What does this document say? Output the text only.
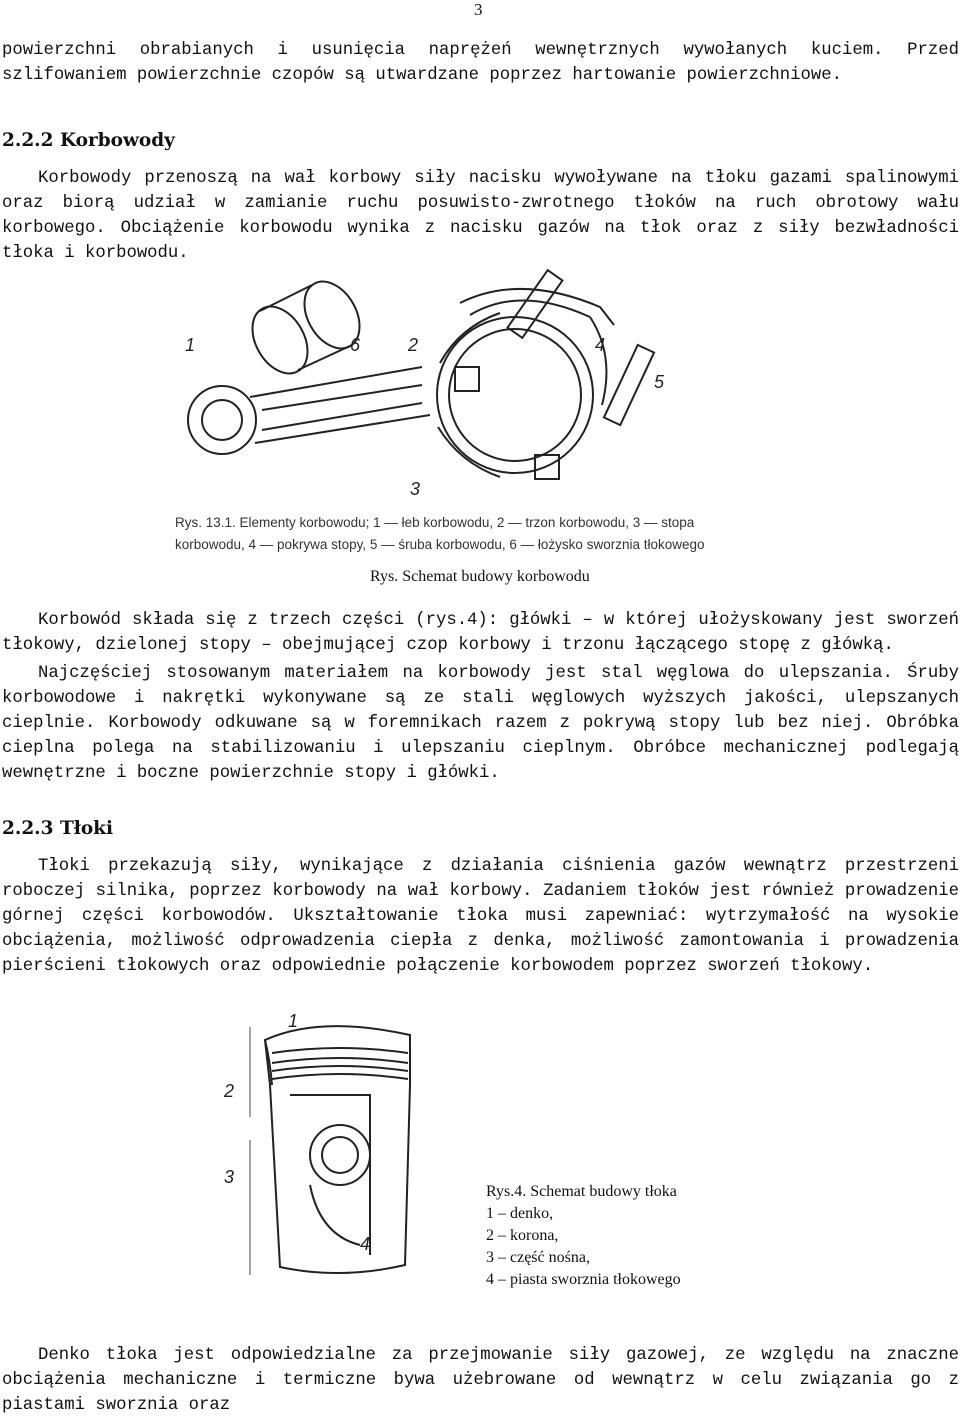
3

powierzchni obrabianych i usunięcia naprężeń wewnętrznych wywołanych kuciem. Przed szlifowaniem powierzchnie czopów są utwardzane poprzez hartowanie powierzchniowe.

2.2.2 Korbowody

Korbowody przenoszą na wał korbowy siły nacisku wywoływane na tłoku gazami spalinowymi oraz biorą udział w zamianie ruchu posuwisto-zwrotnego tłoków na ruch obrotowy wału korbowego. Obciążenie korbowodu wynika z nacisku gazów na tłok oraz z siły bezwładności tłoka i korbowodu.

1	6	2	4
5
3
Rys. 13.1. Elementy korbowodu; 1 — łeb korbowodu, 2 — trzon korbowodu, 3 — stopa
korbowodu, 4 — pokrywa stopy, 5 — śruba korbowodu, 6 — łożysko sworznia tłokowego

Rys. Schemat budowy korbowodu

Korbowód składa się z trzech części (rys.4): główki – w której ułożyskowany jest sworzeń tłokowy, dzielonej stopy – obejmującej czop korbowy i trzonu łączącego stopę z główką.

Najczęściej stosowanym materiałem na korbowody jest stal węglowa do ulepszania. Śruby korbowodowe i nakrętki wykonywane są ze stali węglowych wyższych jakości, ulepszanych cieplnie. Korbowody odkuwane są w foremnikach razem z pokrywą stopy lub bez niej. Obróbka cieplna polega na stabilizowaniu i ulepszaniu cieplnym. Obróbce mechanicznej podlegają wewnętrzne i boczne powierzchnie stopy i główki.

2.2.3 Tłoki

Tłoki przekazują siły, wynikające z działania ciśnienia gazów wewnątrz przestrzeni roboczej silnika, poprzez korbowody na wał korbowy. Zadaniem tłoków jest również prowadzenie górnej części korbowodów. Ukształtowanie tłoka musi zapewniać: wytrzymałość na wysokie obciążenia, możliwość odprowadzenia ciepła z denka, możliwość zamontowania i prowadzenia pierścieni tłokowych oraz odpowiednie połączenie korbowodem poprzez sworzeń tłokowy.

1
2
3
4
Rys.4. Schemat budowy tłoka
1 – denko,
2 – korona,
3 – część nośna,
4 – piasta sworznia tłokowego

Denko tłoka jest odpowiedzialne za przejmowanie siły gazowej, ze względu na znaczne obciążenia mechaniczne i termiczne bywa użebrowane od wewnątrz w celu związania go z piastami sworznia oraz
